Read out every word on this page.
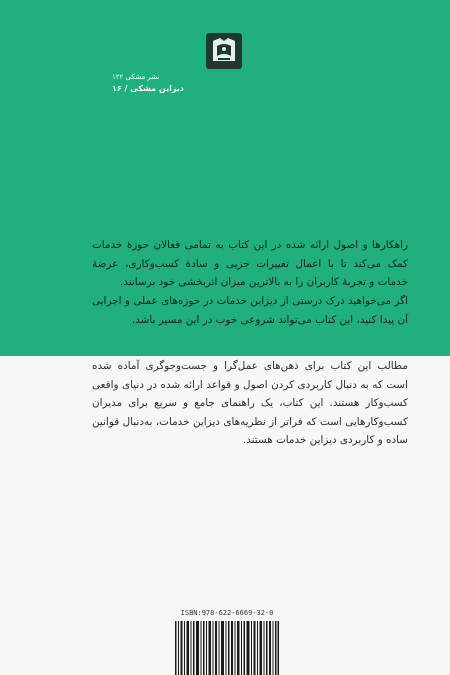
نشر مشکی ۱۲۲
دیزاین مشکی / ۱۶

راهکارها و اصول ارائه شده در این کتاب به تمامی فعالان حوزهٔ خدمات کمک می‌کند تا با اعمال تغییرات جزیی و سادهٔ کسب‌وکاری، عرضهٔ خدمات و تجربهٔ کاربران را به بالاترین میزان اثربخشی خود برسانند.

اگر می‌خواهید درک درستی از دیزاین خدمات در حوزه‌های عملی و اجرایی آن پیدا کنید، این کتاب می‌تواند شروعی خوب در این مسیر باشد.

مطالب این کتاب برای ذهن‌های عمل‌گرا و جست‌وجوگری آماده شده است که به دنبال کاربردی کردن اصول و قواعد ارائه شده در دنیای واقعی کسب‌وکار هستند. این کتاب، یک راهنمای جامع و سریع برای مدیران کسب‌وکارهایی است که فراتر از نظریه‌های دیزاین خدمات، به‌دنبال قوانین ساده و کاربردی دیزاین خدمات هستند.

ISBN:978-622-6669-32-0
